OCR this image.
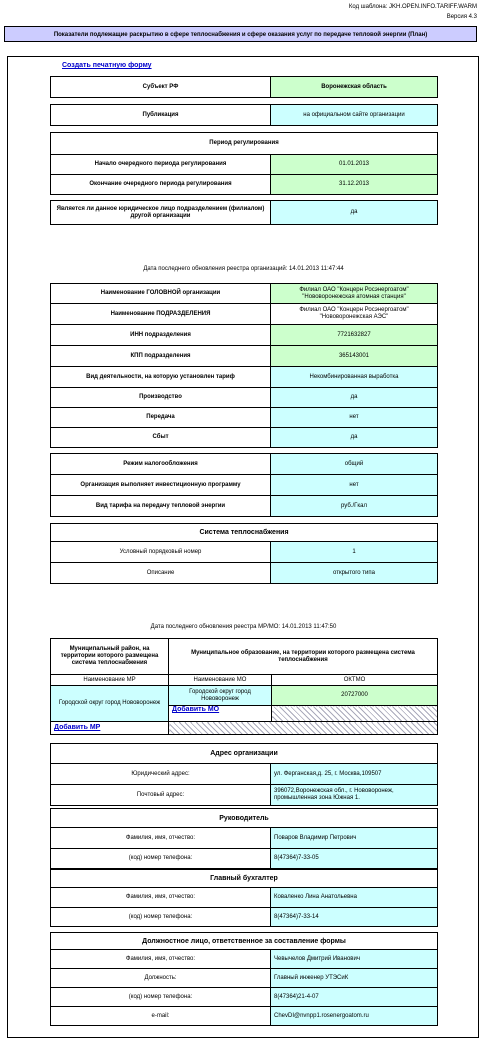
Код шаблона: JKH.OPEN.INFO.TARIFF.WARM
Версия 4.3
Показатели подлежащие раскрытию в сфере теплоснабжения и сфере оказания услуг по передаче тепловой энергии (План)
Создать печатную форму
Субъект РФ	Воронежская область
Публикация	на официальном сайте организации
Период регулирования	
Начало очередного периода регулирования	01.01.2013
Окончание очередного периода регулирования	31.12.2013
Является ли данное юридическое лицо подразделением (филиалом) другой организации	да
Дата последнего обновления реестра организаций: 14.01.2013 11:47:44
Наименование ГОЛОВНОЙ организации	Филиал ОАО "Концерн Росэнергоатом" "Нововоронежская атомная станция"
Наименование ПОДРАЗДЕЛЕНИЯ	Филиал ОАО "Концерн Росэнергоатом" "Нововоронежская АЭС"
ИНН подразделения	7721632827
КПП подразделения	365143001
Вид деятельности, на которую установлен тариф	Некомбинированная выработка
Производство	да
Передача	нет
Сбыт	да
Режим налогообложения	общий
Организация выполняет инвестиционную программу	нет
Вид тарифа на передачу тепловой энергии	руб./Гкал
Система теплоснабжения	
Условный порядковый номер	1
Описание	открытого типа
Дата последнего обновления реестра МР/МО: 14.01.2013 11:47:50
Муниципальный район, на территории которого размещена система теплоснабжения	Муниципальное образование, на территории которого размещена система теплоснабжения	
Наименование МР	Наименование МО	ОКТМО
Городской округ город Нововоронеж	Городской округ город Нововоронеж	20727000
	Добавить МО	
Добавить МР		
Адрес организации	
Юридический адрес:	ул. Ферганская,д. 25, г. Москва,109507
Почтовый адрес:	396072,Воронежская обл., г. Нововоронеж, промышленная зона Южная 1.
Руководитель	
Фамилия, имя, отчество:	Поваров Владимир Петрович
(код) номер телефона:	8(47364)7-33-05
Главный бухгалтер	
Фамилия, имя, отчество:	Коваленко Лина Анатольевна
(код) номер телефона:	8(47364)7-33-14
Должностное лицо, ответственное за составление формы	
Фамилия, имя, отчество:	Чевычелов Дмитрий Иванович
Должность:	Главный инженер УТЭСиК
(код) номер телефона:	8(47364)21-4-07
e-mail:	ChevDI@nvnpp1.rosenergoatom.ru
